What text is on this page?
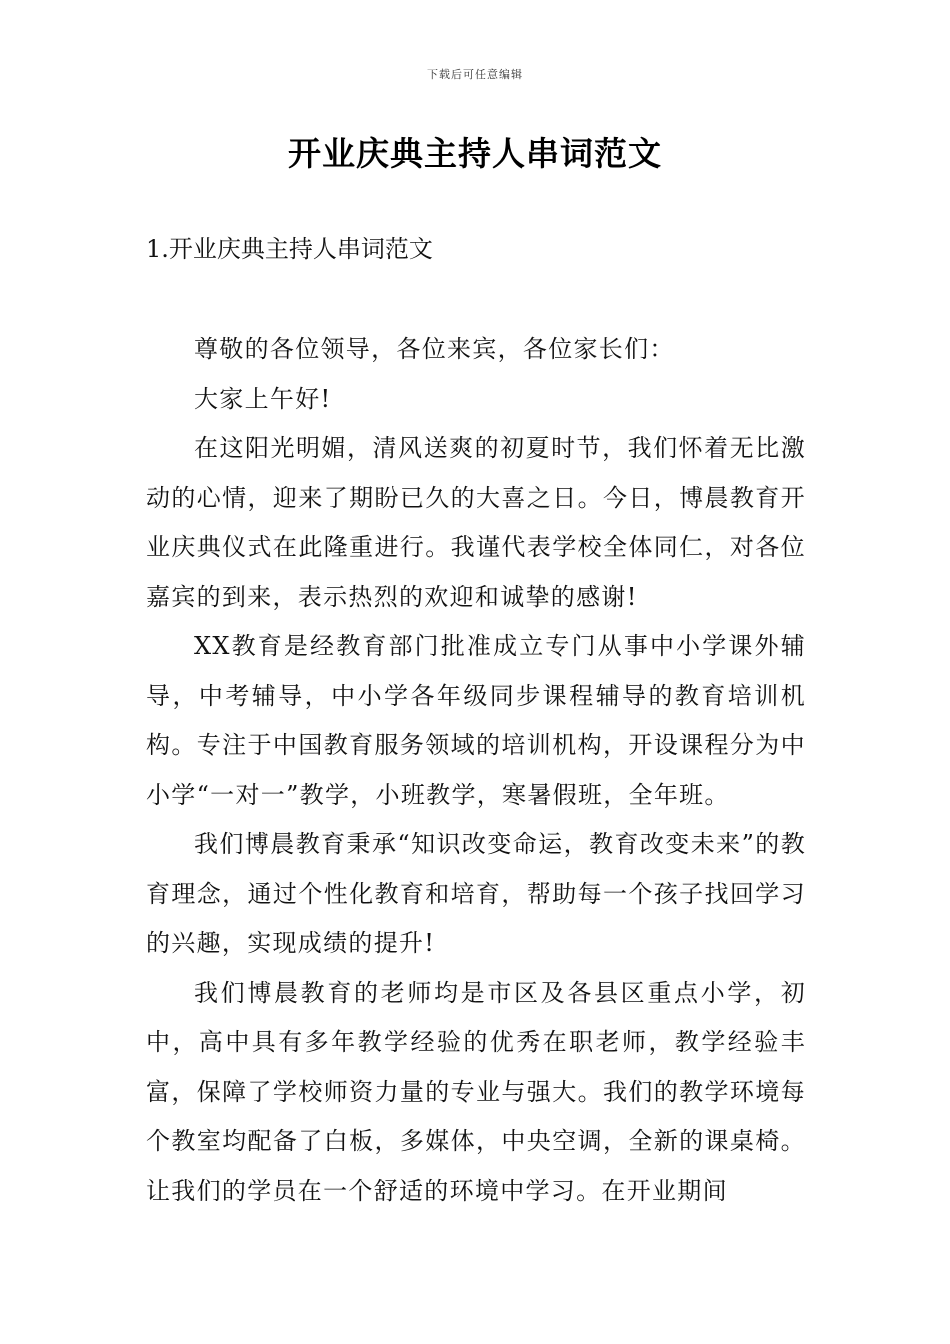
下载后可任意编辑
开业庆典主持人串词范文
1.开业庆典主持人串词范文

尊敬的各位领导，各位来宾，各位家长们：

大家上午好!

在这阳光明媚，清风送爽的初夏时节，我们怀着无比激动的心情，迎来了期盼已久的大喜之日。今日，博晨教育开业庆典仪式在此隆重进行。我谨代表学校全体同仁，对各位嘉宾的到来，表示热烈的欢迎和诚挚的感谢!

XX教育是经教育部门批准成立专门从事中小学课外辅导，中考辅导，中小学各年级同步课程辅导的教育培训机构。专注于中国教育服务领域的培训机构，开设课程分为中小学“一对一”教学，小班教学，寒暑假班，全年班。

我们博晨教育秉承“知识改变命运，教育改变未来”的教育理念，通过个性化教育和培育，帮助每一个孩子找回学习的兴趣，实现成绩的提升!

我们博晨教育的老师均是市区及各县区重点小学，初中，高中具有多年教学经验的优秀在职老师，教学经验丰富，保障了学校师资力量的专业与强大。我们的教学环境每个教室均配备了白板，多媒体，中央空调，全新的课桌椅。让我们的学员在一个舒适的环境中学习。在开业期间
